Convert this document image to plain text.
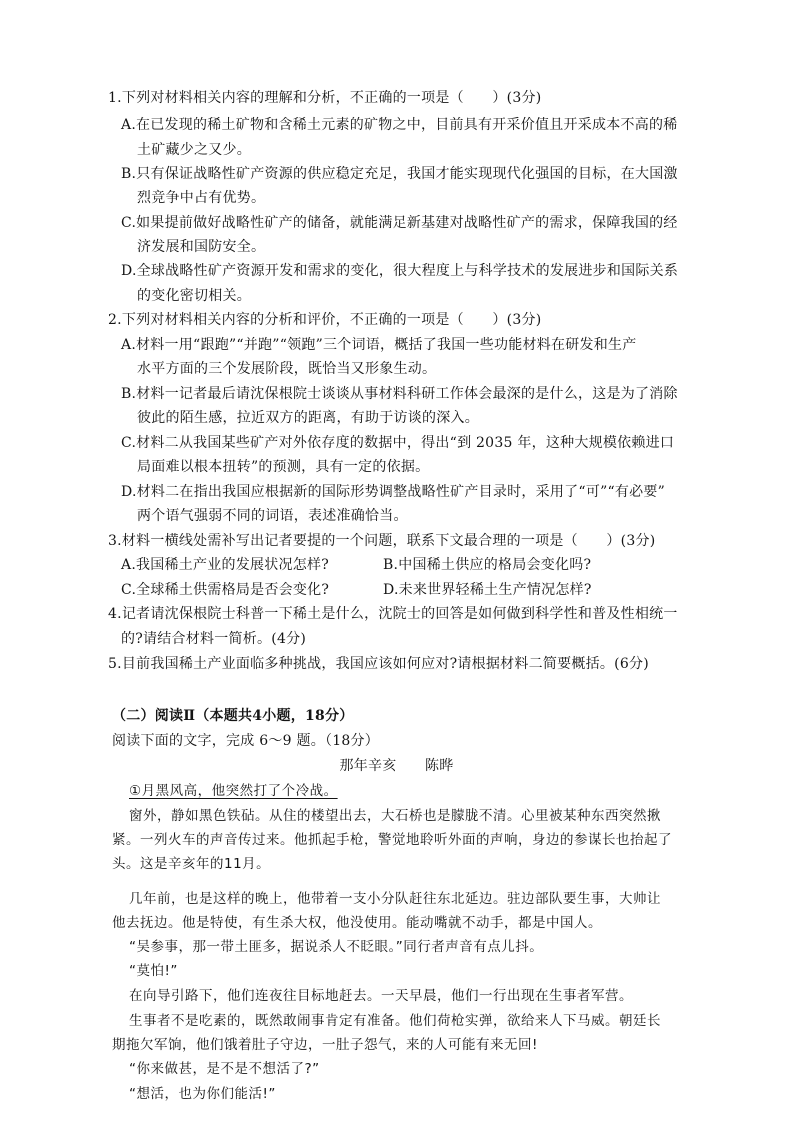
1.下列对材料相关内容的理解和分析，不正确的一项是（　　）(3分)
A.在已发现的稀土矿物和含稀土元素的矿物之中，目前具有开采价值且开采成本不高的稀
土矿藏少之又少。
B.只有保证战略性矿产资源的供应稳定充足，我国才能实现现代化强国的目标，在大国激
烈竞争中占有优势。
C.如果提前做好战略性矿产的储备，就能满足新基建对战略性矿产的需求，保障我国的经
济发展和国防安全。
D.全球战略性矿产资源开发和需求的变化，很大程度上与科学技术的发展进步和国际关系
的变化密切相关。
2.下列对材料相关内容的分析和评价，不正确的一项是（　　）(3分)
A.材料一用“跟跑”“并跑”“领跑”三个词语，概括了我国一些功能材料在研发和生产
水平方面的三个发展阶段，既恰当又形象生动。
B.材料一记者最后请沈保根院士谈谈从事材料科研工作体会最深的是什么，这是为了消除
彼此的陌生感，拉近双方的距离，有助于访谈的深入。
C.材料二从我国某些矿产对外依存度的数据中，得出“到 2035 年，这种大规模依赖进口
局面难以根本扭转”的预测，具有一定的依据。
D.材料二在指出我国应根据新的国际形势调整战略性矿产目录时，采用了“可”“有必要”
两个语气强弱不同的词语，表述准确恰当。
3.材料一横线处需补写出记者要提的一个问题，联系下文最合理的一项是（　　）(3分)
A.我国稀土产业的发展状况怎样?	B.中国稀土供应的格局会变化吗?
C.全球稀土供需格局是否会变化?	D.未来世界轻稀土生产情况怎样?
4.记者请沈保根院士科普一下稀土是什么，沈院士的回答是如何做到科学性和普及性相统一
的?请结合材料一简析。(4分)
5.目前我国稀土产业面临多种挑战，我国应该如何应对?请根据材料二简要概括。(6分)
（二）阅读Ⅱ（本题共4小题，18分）
阅读下面的文字，完成 6～9 题。（18分）
那年辛亥　　陈晔
①月黑风高，他突然打了个冷战。
窗外，静如黑色铁砧。从住的楼望出去，大石桥也是朦胧不清。心里被某种东西突然揪
紧。一列火车的声音传过来。他抓起手枪，警觉地聆听外面的声响，身边的参谋长也抬起了
头。这是辛亥年的11月。
几年前，也是这样的晚上，他带着一支小分队赶往东北延边。驻边部队要生事，大帅让
他去抚边。他是特使，有生杀大权，他没使用。能动嘴就不动手，都是中国人。
“吴参事，那一带土匪多，据说杀人不眨眼。”同行者声音有点儿抖。
“莫怕!”
在向导引路下，他们连夜往目标地赶去。一天早晨，他们一行出现在生事者军营。
生事者不是吃素的，既然敢闹事肯定有准备。他们荷枪实弹，欲给来人下马威。朝廷长
期拖欠军饷，他们饿着肚子守边，一肚子怨气，来的人可能有来无回!
“你来做甚，是不是不想活了?”
“想活，也为你们能活!”
